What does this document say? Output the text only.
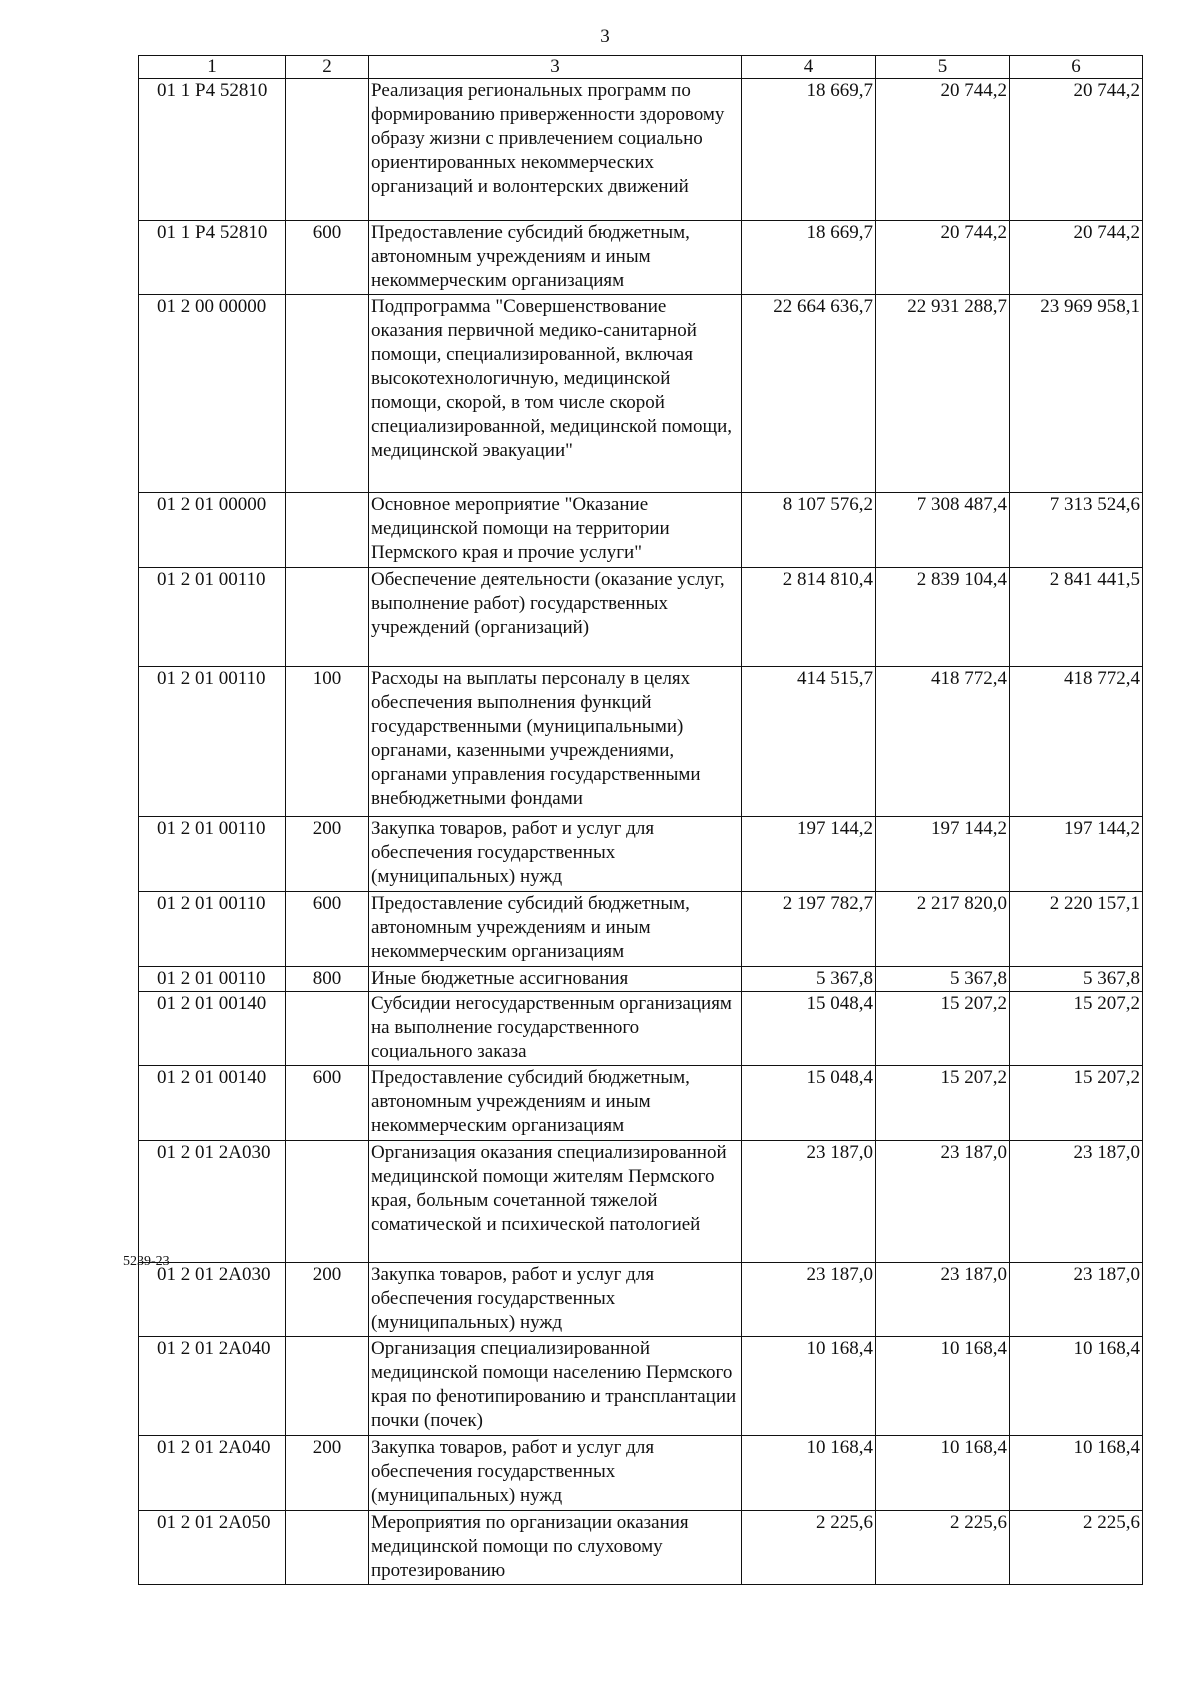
3
1	2	3	4	5	6
01 1 P4 52810		Реализация региональных программ по формированию приверженности здоровому образу жизни с привлечением социально ориентированных некоммерческих организаций и волонтерских движений	18 669,7	20 744,2	20 744,2
01 1 P4 52810	600	Предоставление субсидий бюджетным, автономным учреждениям и иным некоммерческим организациям	18 669,7	20 744,2	20 744,2
01 2 00 00000		Подпрограмма "Совершенствование оказания первичной медико-санитарной помощи, специализированной, включая высокотехнологичную, медицинской помощи, скорой, в том числе скорой специализированной, медицинской помощи, медицинской эвакуации"	22 664 636,7	22 931 288,7	23 969 958,1
01 2 01 00000		Основное мероприятие "Оказание медицинской помощи на территории Пермского края и прочие услуги"	8 107 576,2	7 308 487,4	7 313 524,6
01 2 01 00110		Обеспечение деятельности (оказание услуг, выполнение работ) государственных учреждений (организаций)	2 814 810,4	2 839 104,4	2 841 441,5
01 2 01 00110	100	Расходы на выплаты персоналу в целях обеспечения выполнения функций государственными (муниципальными) органами, казенными учреждениями, органами управления государственными внебюджетными фондами	414 515,7	418 772,4	418 772,4
01 2 01 00110	200	Закупка товаров, работ и услуг для обеспечения государственных (муниципальных) нужд	197 144,2	197 144,2	197 144,2
01 2 01 00110	600	Предоставление субсидий бюджетным, автономным учреждениям и иным некоммерческим организациям	2 197 782,7	2 217 820,0	2 220 157,1
01 2 01 00110	800	Иные бюджетные ассигнования	5 367,8	5 367,8	5 367,8
01 2 01 00140		Субсидии негосударственным организациям на выполнение государственного социального заказа	15 048,4	15 207,2	15 207,2
01 2 01 00140	600	Предоставление субсидий бюджетным, автономным учреждениям и иным некоммерческим организациям	15 048,4	15 207,2	15 207,2
01 2 01 2A030		Организация оказания специализированной медицинской помощи жителям Пермского края, больным сочетанной тяжелой соматической и психической патологией	23 187,0	23 187,0	23 187,0
01 2 01 2A030	200	Закупка товаров, работ и услуг для обеспечения государственных (муниципальных) нужд	23 187,0	23 187,0	23 187,0
01 2 01 2A040		Организация специализированной медицинской помощи населению Пермского края по фенотипированию и трансплантации почки (почек)	10 168,4	10 168,4	10 168,4
01 2 01 2A040	200	Закупка товаров, работ и услуг для обеспечения государственных (муниципальных) нужд	10 168,4	10 168,4	10 168,4
01 2 01 2A050		Мероприятия по организации оказания медицинской помощи по слуховому протезированию	2 225,6	2 225,6	2 225,6
5239-23
